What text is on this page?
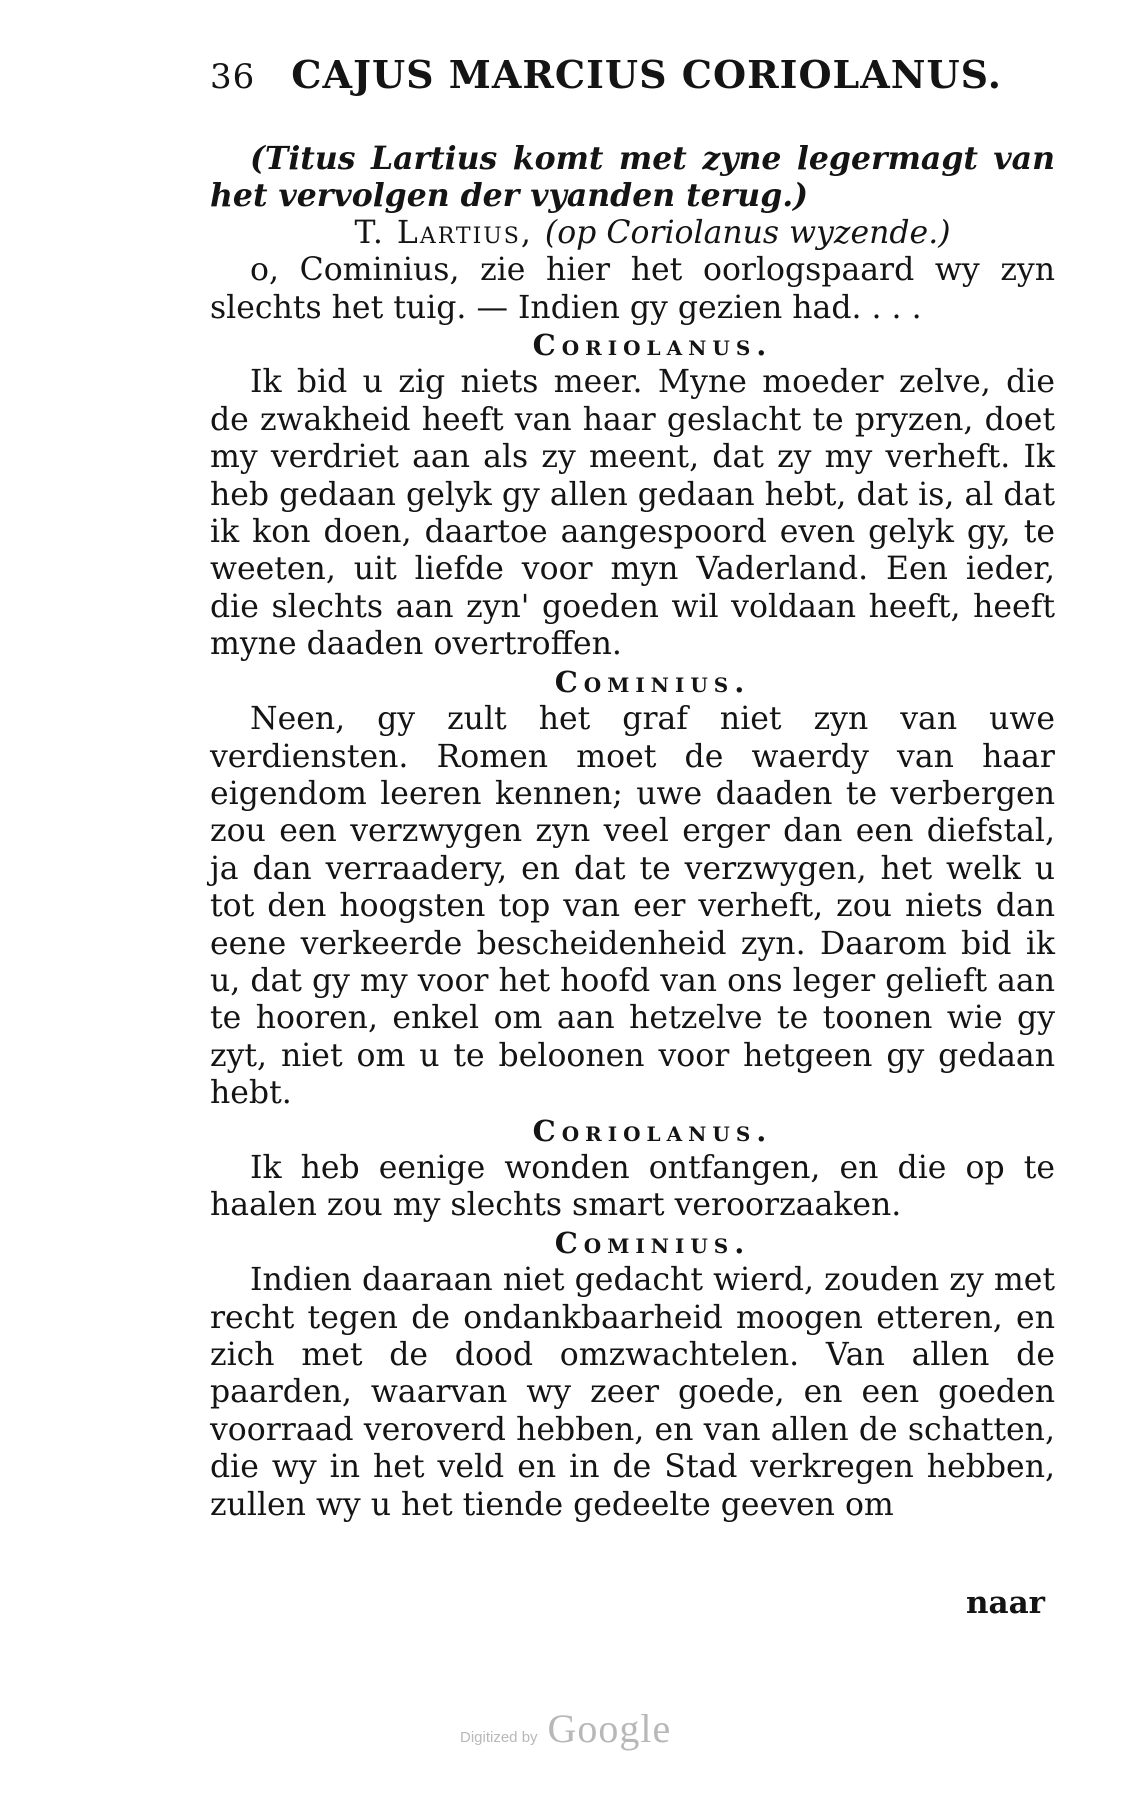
36 CAJUS MARCIUS CORIOLANUS.

(Titus Lartius komt met zyne legermagt van het vervolgen der vyanden terug.)

T. Lartius, (op Coriolanus wyzende.)

o, Cominius, zie hier het oorlogspaard wy zyn slechts het tuig. — Indien gy gezien had. . . .

Coriolanus.

Ik bid u zig niets meer. Myne moeder zelve, die de zwakheid heeft van haar geslacht te pryzen, doet my verdriet aan als zy meent, dat zy my verheft. Ik heb gedaan gelyk gy allen gedaan hebt, dat is, al dat ik kon doen, daartoe aangespoord even gelyk gy, te weeten, uit liefde voor myn Vaderland. Een ieder, die slechts aan zyn' goeden wil voldaan heeft, heeft myne daaden overtroffen.

Cominius.

Neen, gy zult het graf niet zyn van uwe verdiensten. Romen moet de waerdy van haar eigendom leeren kennen; uwe daaden te verbergen zou een verzwygen zyn veel erger dan een diefstal, ja dan verraadery, en dat te verzwygen, het welk u tot den hoogsten top van eer verheft, zou niets dan eene verkeerde bescheidenheid zyn. Daarom bid ik u, dat gy my voor het hoofd van ons leger gelieft aan te hooren, enkel om aan hetzelve te toonen wie gy zyt, niet om u te beloonen voor hetgeen gy gedaan hebt.

Coriolanus.

Ik heb eenige wonden ontfangen, en die op te haalen zou my slechts smart veroorzaaken.

Cominius.

Indien daaraan niet gedacht wierd, zouden zy met recht tegen de ondankbaarheid moogen etteren, en zich met de dood omzwachtelen. Van allen de paarden, waarvan wy zeer goede, en een goeden voorraad veroverd hebben, en van allen de schatten, die wy in het veld en in de Stad verkregen hebben, zullen wy u het tiende gedeelte geeven om

naar
Digitized by Google
